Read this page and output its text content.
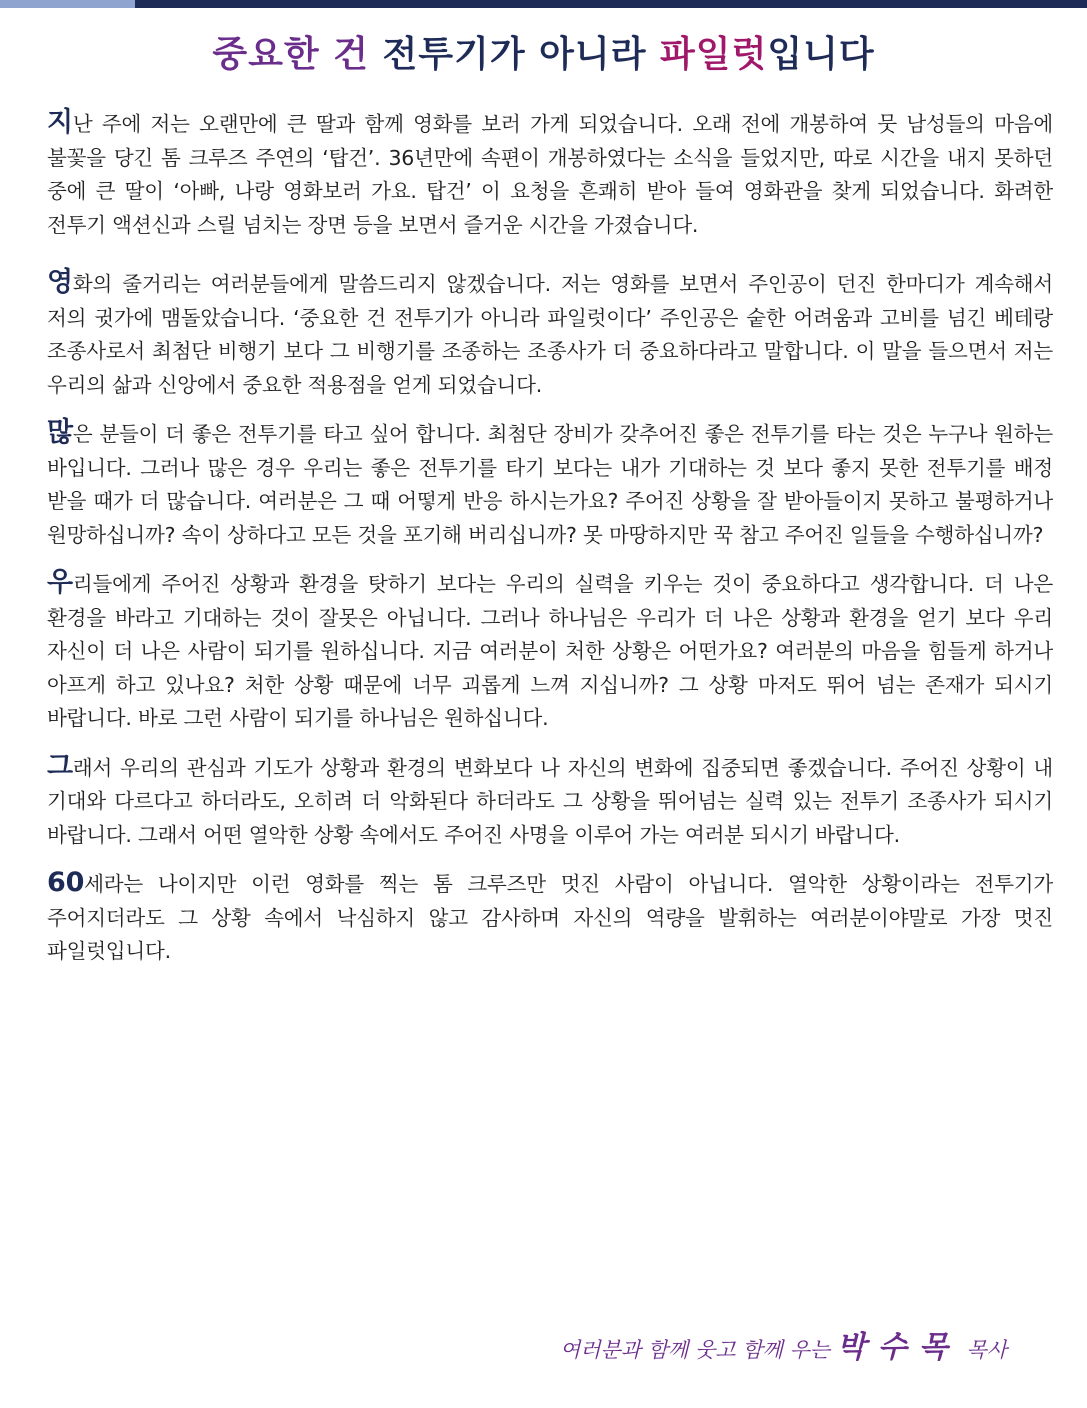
중요한 건 전투기가 아니라 파일럿입니다

지난 주에 저는 오랜만에 큰 딸과 함께 영화를 보러 가게 되었습니다. 오래 전에 개봉하여 뭇 남성들의 마음에 불꽃을 당긴 톰 크루즈 주연의 ‘탑건’. 36년만에 속편이 개봉하였다는 소식을 들었지만, 따로 시간을 내지 못하던 중에 큰 딸이 ‘아빠, 나랑 영화보러 가요. 탑건’ 이 요청을 흔쾌히 받아 들여 영화관을 찾게 되었습니다. 화려한 전투기 액션신과 스릴 넘치는 장면 등을 보면서 즐거운 시간을 가졌습니다.

영화의 줄거리는 여러분들에게 말씀드리지 않겠습니다. 저는 영화를 보면서 주인공이 던진 한마디가 계속해서 저의 귓가에 맴돌았습니다. ‘중요한 건 전투기가 아니라 파일럿이다’ 주인공은 숱한 어려움과 고비를 넘긴 베테랑 조종사로서 최첨단 비행기 보다 그 비행기를 조종하는 조종사가 더 중요하다라고 말합니다. 이 말을 들으면서 저는 우리의 삶과 신앙에서 중요한 적용점을 얻게 되었습니다.

많은 분들이 더 좋은 전투기를 타고 싶어 합니다. 최첨단 장비가 갖추어진 좋은 전투기를 타는 것은 누구나 원하는 바입니다. 그러나 많은 경우 우리는 좋은 전투기를 타기 보다는 내가 기대하는 것 보다 좋지 못한 전투기를 배정 받을 때가 더 많습니다. 여러분은 그 때 어떻게 반응 하시는가요? 주어진 상황을 잘 받아들이지 못하고 불평하거나 원망하십니까? 속이 상하다고 모든 것을 포기해 버리십니까? 못 마땅하지만 꾹 참고 주어진 일들을 수행하십니까?

우리들에게 주어진 상황과 환경을 탓하기 보다는 우리의 실력을 키우는 것이 중요하다고 생각합니다. 더 나은 환경을 바라고 기대하는 것이 잘못은 아닙니다. 그러나 하나님은 우리가 더 나은 상황과 환경을 얻기 보다 우리 자신이 더 나은 사람이 되기를 원하십니다. 지금 여러분이 처한 상황은 어떤가요? 여러분의 마음을 힘들게 하거나 아프게 하고 있나요? 처한 상황 때문에 너무 괴롭게 느껴 지십니까? 그 상황 마저도 뛰어 넘는 존재가 되시기 바랍니다. 바로 그런 사람이 되기를 하나님은 원하십니다.

그래서 우리의 관심과 기도가 상황과 환경의 변화보다 나 자신의 변화에 집중되면 좋겠습니다. 주어진 상황이 내 기대와 다르다고 하더라도, 오히려 더 악화된다 하더라도 그 상황을 뛰어넘는 실력 있는 전투기 조종사가 되시기 바랍니다. 그래서 어떤 열악한 상황 속에서도 주어진 사명을 이루어 가는 여러분 되시기 바랍니다.

60세라는 나이지만 이런 영화를 찍는 톰 크루즈만 멋진 사람이 아닙니다. 열악한 상황이라는 전투기가 주어지더라도 그 상황 속에서 낙심하지 않고 감사하며 자신의 역량을 발휘하는 여러분이야말로 가장 멋진 파일럿입니다.

여러분과 함께 웃고 함께 우는 박수목 목사
